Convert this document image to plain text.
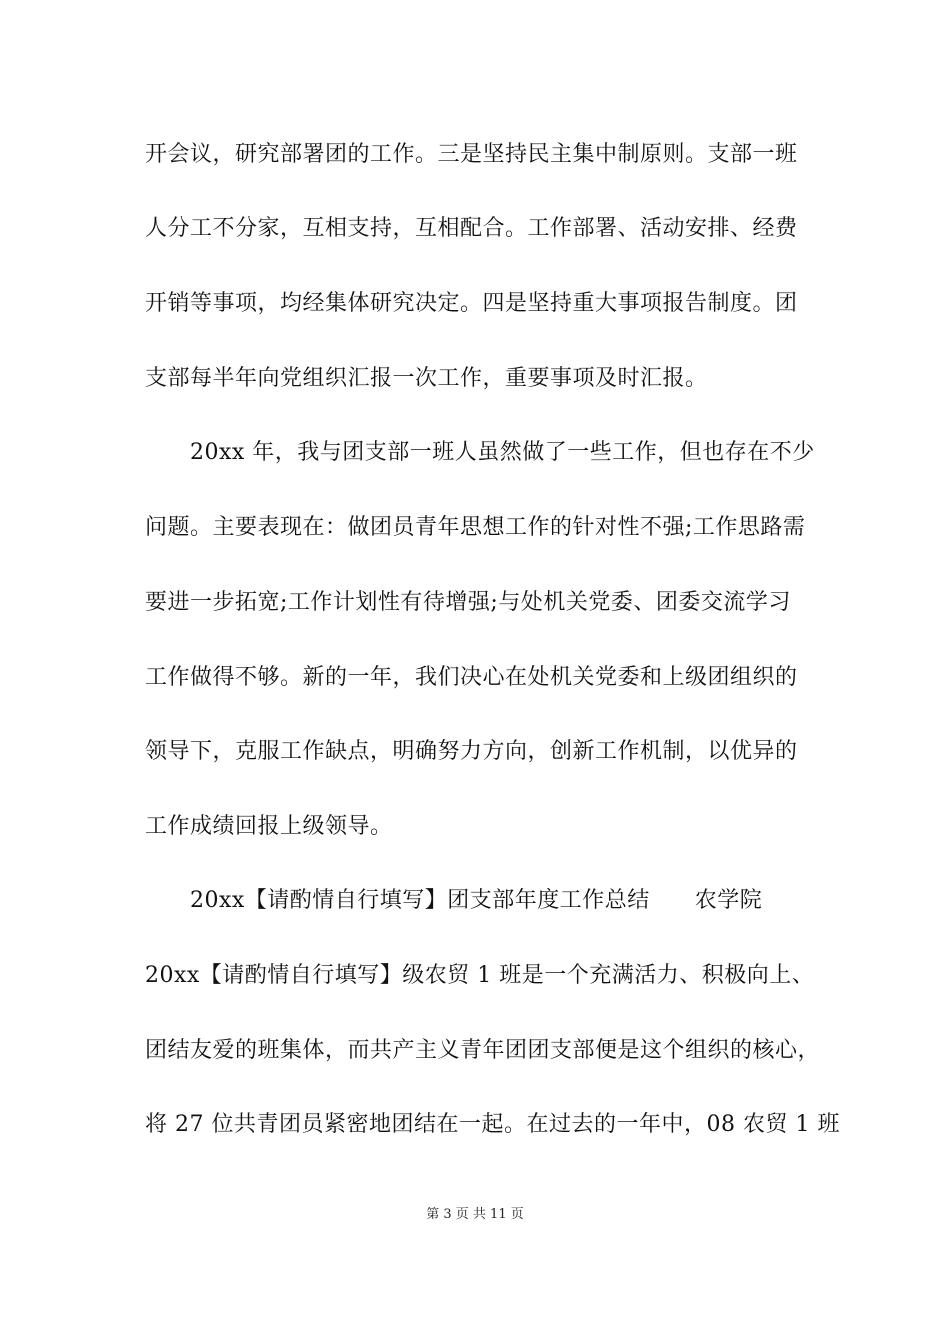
开会议，研究部署团的工作。三是坚持民主集中制原则。支部一班
人分工不分家，互相支持，互相配合。工作部署、活动安排、经费
开销等事项，均经集体研究决定。四是坚持重大事项报告制度。团
支部每半年向党组织汇报一次工作，重要事项及时汇报。
20xx 年，我与团支部一班人虽然做了一些工作，但也存在不少
问题。主要表现在：做团员青年思想工作的针对性不强;工作思路需
要进一步拓宽;工作计划性有待增强;与处机关党委、团委交流学习
工作做得不够。新的一年，我们决心在处机关党委和上级团组织的
领导下，克服工作缺点，明确努力方向，创新工作机制，以优异的
工作成绩回报上级领导。
20xx【请酌情自行填写】团支部年度工作总结　　农学院
20xx【请酌情自行填写】级农贸 1 班是一个充满活力、积极向上、
团结友爱的班集体，而共产主义青年团团支部便是这个组织的核心，
将 27 位共青团员紧密地团结在一起。在过去的一年中，08 农贸 1 班
第 3 页 共 11 页
